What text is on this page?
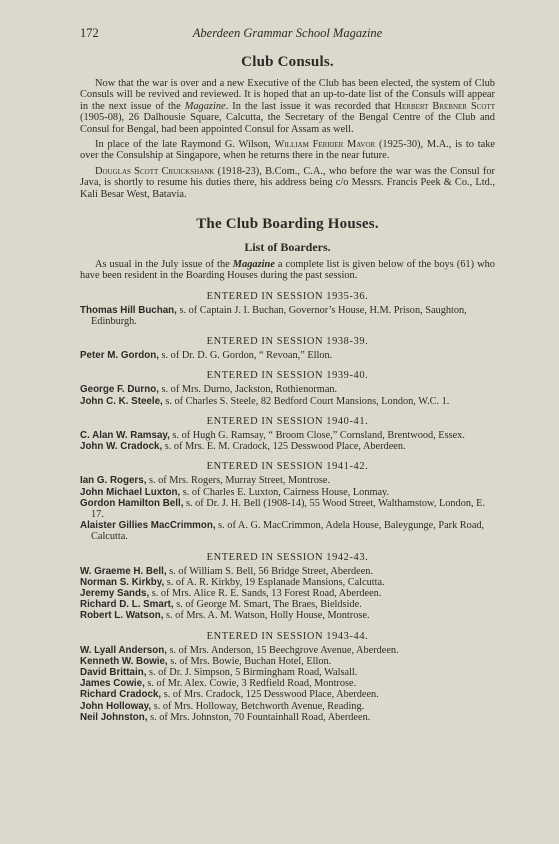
172	Aberdeen Grammar School Magazine
Club Consuls.

Now that the war is over and a new Executive of the Club has been elected, the system of Club Consuls will be revived and reviewed. It is hoped that an up-to-date list of the Consuls will appear in the next issue of the Magazine. In the last issue it was recorded that Herbert Brebner Scott (1905-08), 26 Dalhousie Square, Calcutta, the Secretary of the Bengal Centre of the Club and Consul for Bengal, had been appointed Consul for Assam as well.

In place of the late Raymond G. Wilson, William Ferrier Mavor (1925-30), M.A., is to take over the Consulship at Singapore, when he returns there in the near future.

Douglas Scott Cruickshank (1918-23), B.Com., C.A., who before the war was the Consul for Java, is shortly to resume his duties there, his address being c/o Messrs. Francis Peek & Co., Ltd., Kali Besar West, Batavia.

The Club Boarding Houses.
List of Boarders.

As usual in the July issue of the Magazine a complete list is given below of the boys (61) who have been resident in the Boarding Houses during the past session.

ENTERED IN SESSION 1935-36.
Thomas Hill Buchan, s. of Captain J. I. Buchan, Governor’s House, H.M. Prison, Saughton, Edinburgh.
ENTERED IN SESSION 1938-39.
Peter M. Gordon, s. of Dr. D. G. Gordon, “ Revoan,” Ellon.
ENTERED IN SESSION 1939-40.
George F. Durno, s. of Mrs. Durno, Jackston, Rothienorman.
John C. K. Steele, s. of Charles S. Steele, 82 Bedford Court Mansions, London, W.C. 1.
ENTERED IN SESSION 1940-41.
C. Alan W. Ramsay, s. of Hugh G. Ramsay, “ Broom Close,” Cornsland, Brentwood, Essex.
John W. Cradock, s. of Mrs. E. M. Cradock, 125 Desswood Place, Aberdeen.
ENTERED IN SESSION 1941-42.
Ian G. Rogers, s. of Mrs. Rogers, Murray Street, Montrose.
John Michael Luxton, s. of Charles E. Luxton, Cairness House, Lonmay.
Gordon Hamilton Bell, s. of Dr. J. H. Bell (1908-14), 55 Wood Street, Walthamstow, London, E. 17.
Alaister Gillies MacCrimmon, s. of A. G. MacCrimmon, Adela House, Baleygunge, Park Road, Calcutta.
ENTERED IN SESSION 1942-43.
W. Graeme H. Bell, s. of William S. Bell, 56 Bridge Street, Aberdeen.
Norman S. Kirkby, s. of A. R. Kirkby, 19 Esplanade Mansions, Calcutta.
Jeremy Sands, s. of Mrs. Alice R. E. Sands, 13 Forest Road, Aberdeen.
Richard D. L. Smart, s. of George M. Smart, The Braes, Bieldside.
Robert L. Watson, s. of Mrs. A. M. Watson, Holly House, Montrose.
ENTERED IN SESSION 1943-44.
W. Lyall Anderson, s. of Mrs. Anderson, 15 Beechgrove Avenue, Aberdeen.
Kenneth W. Bowie, s. of Mrs. Bowie, Buchan Hotel, Ellon.
David Brittain, s. of Dr. J. Simpson, 5 Birmingham Road, Walsall.
James Cowie, s. of Mr. Alex. Cowie, 3 Redfield Road, Montrose.
Richard Cradock, s. of Mrs. Cradock, 125 Desswood Place, Aberdeen.
John Holloway, s. of Mrs. Holloway, Betchworth Avenue, Reading.
Neil Johnston, s. of Mrs. Johnston, 70 Fountainhall Road, Aberdeen.
